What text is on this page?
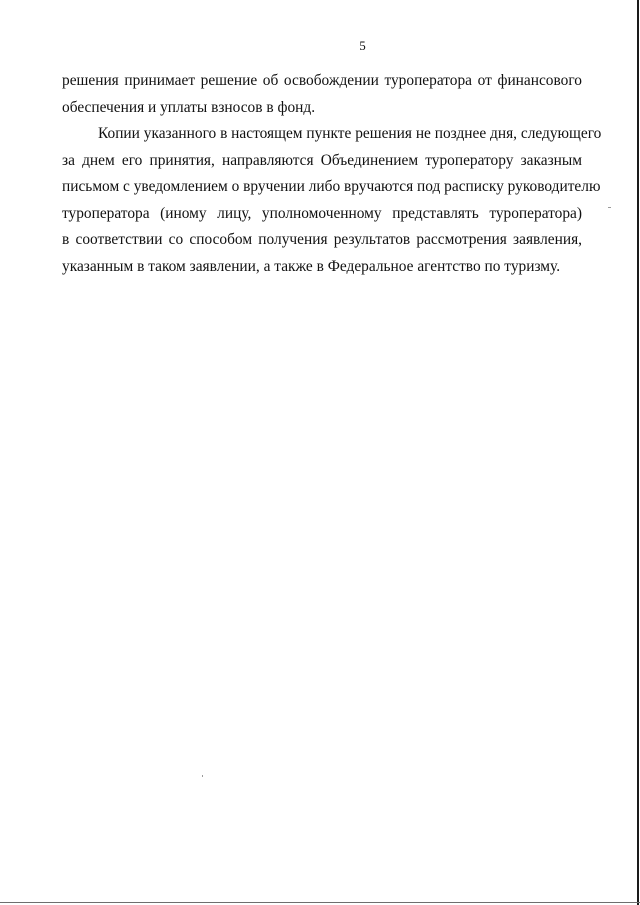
5
решения принимает решение об освобождении туроператора от финансового
обеспечения и уплаты взносов в фонд.
Копии указанного в настоящем пункте решения не позднее дня, следующего
за днем его принятия, направляются Объединением туроператору заказным
письмом с уведомлением о вручении либо вручаются под расписку руководителю
туроператора (иному лицу, уполномоченному представлять туроператора)
в соответствии со способом получения результатов рассмотрения заявления,
указанным в таком заявлении, а также в Федеральное агентство по туризму.
